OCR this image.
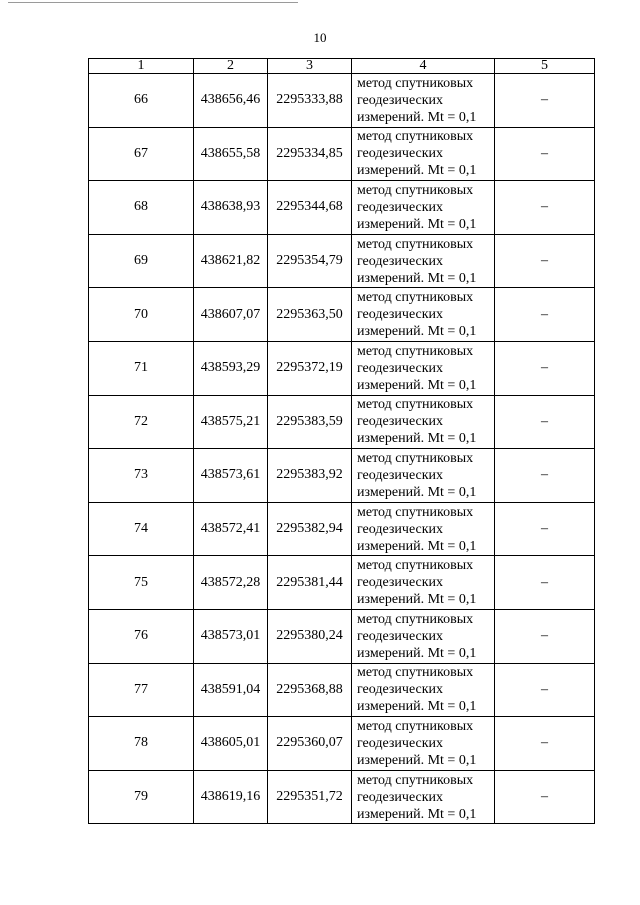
10
1	2	3	4	5
66	438656,46	2295333,88	метод спутниковых
геодезических
измерений. Mt = 0,1	–
67	438655,58	2295334,85	метод спутниковых
геодезических
измерений. Mt = 0,1	–
68	438638,93	2295344,68	метод спутниковых
геодезических
измерений. Mt = 0,1	–
69	438621,82	2295354,79	метод спутниковых
геодезических
измерений. Mt = 0,1	–
70	438607,07	2295363,50	метод спутниковых
геодезических
измерений. Mt = 0,1	–
71	438593,29	2295372,19	метод спутниковых
геодезических
измерений. Mt = 0,1	–
72	438575,21	2295383,59	метод спутниковых
геодезических
измерений. Mt = 0,1	–
73	438573,61	2295383,92	метод спутниковых
геодезических
измерений. Mt = 0,1	–
74	438572,41	2295382,94	метод спутниковых
геодезических
измерений. Mt = 0,1	–
75	438572,28	2295381,44	метод спутниковых
геодезических
измерений. Mt = 0,1	–
76	438573,01	2295380,24	метод спутниковых
геодезических
измерений. Mt = 0,1	–
77	438591,04	2295368,88	метод спутниковых
геодезических
измерений. Mt = 0,1	–
78	438605,01	2295360,07	метод спутниковых
геодезических
измерений. Mt = 0,1	–
79	438619,16	2295351,72	метод спутниковых
геодезических
измерений. Mt = 0,1	–
